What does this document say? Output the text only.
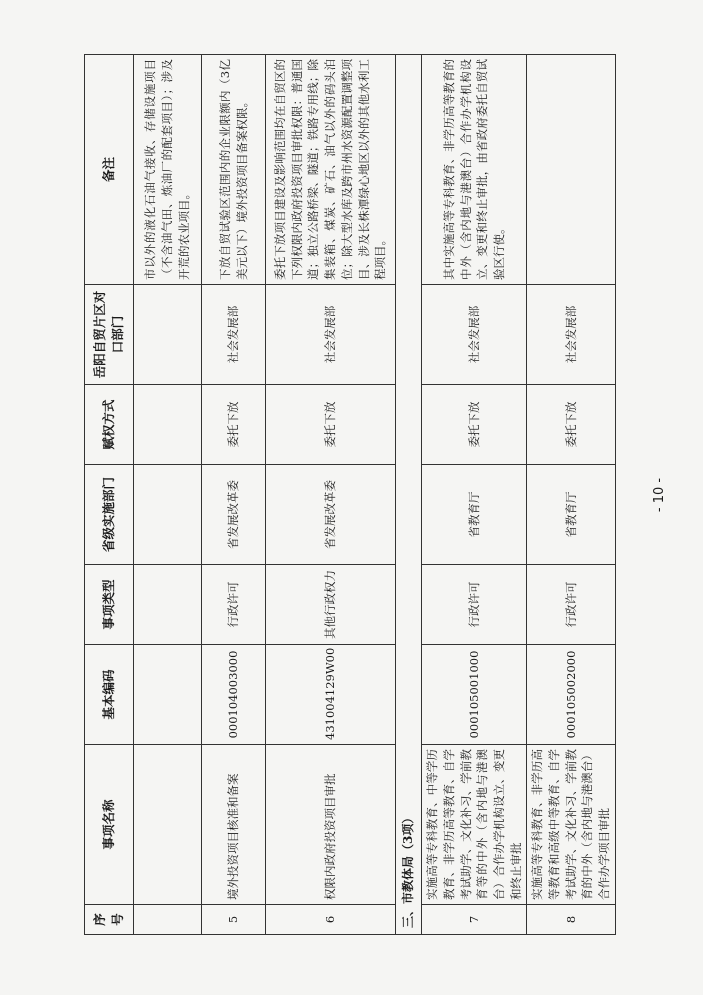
序号	事项名称	基本编码	事项类型	省级实施部门	赋权方式	岳阳自贸片区对口部门	备注
							市以外的液化石油气接收、存储设施项目（不含油气田、炼油厂的配套项目）；涉及开荒的农业项目。
5	境外投资项目核准和备案	000104003000	行政许可	省发展改革委	委托下放	社会发展部	下放自贸试验区范围内的企业限额内（3亿美元以下）境外投资项目备案权限。
6	权限内政府投资项目审批	431004129W00	其他行政权力	省发展改革委	委托下放	社会发展部	委托下放项目建设及影响范围均在自贸区的下列权限内政府投资项目审批权限：普通国道；独立公路桥梁、隧道；铁路专用线；除集装箱、煤炭、矿石、油气以外的码头泊位；除大型水库及跨市州水资源配置调整项目、涉及长株潭绿心地区以外的其他水利工程项目。
三、市教体局（3项）							
7	实施高等专科教育、中等学历教育、非学历高等教育、自学考试助学、文化补习、学前教育等的中外（含内地与港澳台）合作办学机构设立、变更和终止审批	000105001000	行政许可	省教育厅	委托下放	社会发展部	其中实施高等专科教育、非学历高等教育的中外（含内地与港澳台）合作办学机构设立、变更和终止审批，由省政府委托自贸试验区行使。
8	实施高等专科教育、非学历高等教育和高级中等教育、自学考试助学、文化补习、学前教育的中外（含内地与港澳台）合作办学项目审批	000105002000	行政许可	省教育厅	委托下放	社会发展部	
- 10 -
